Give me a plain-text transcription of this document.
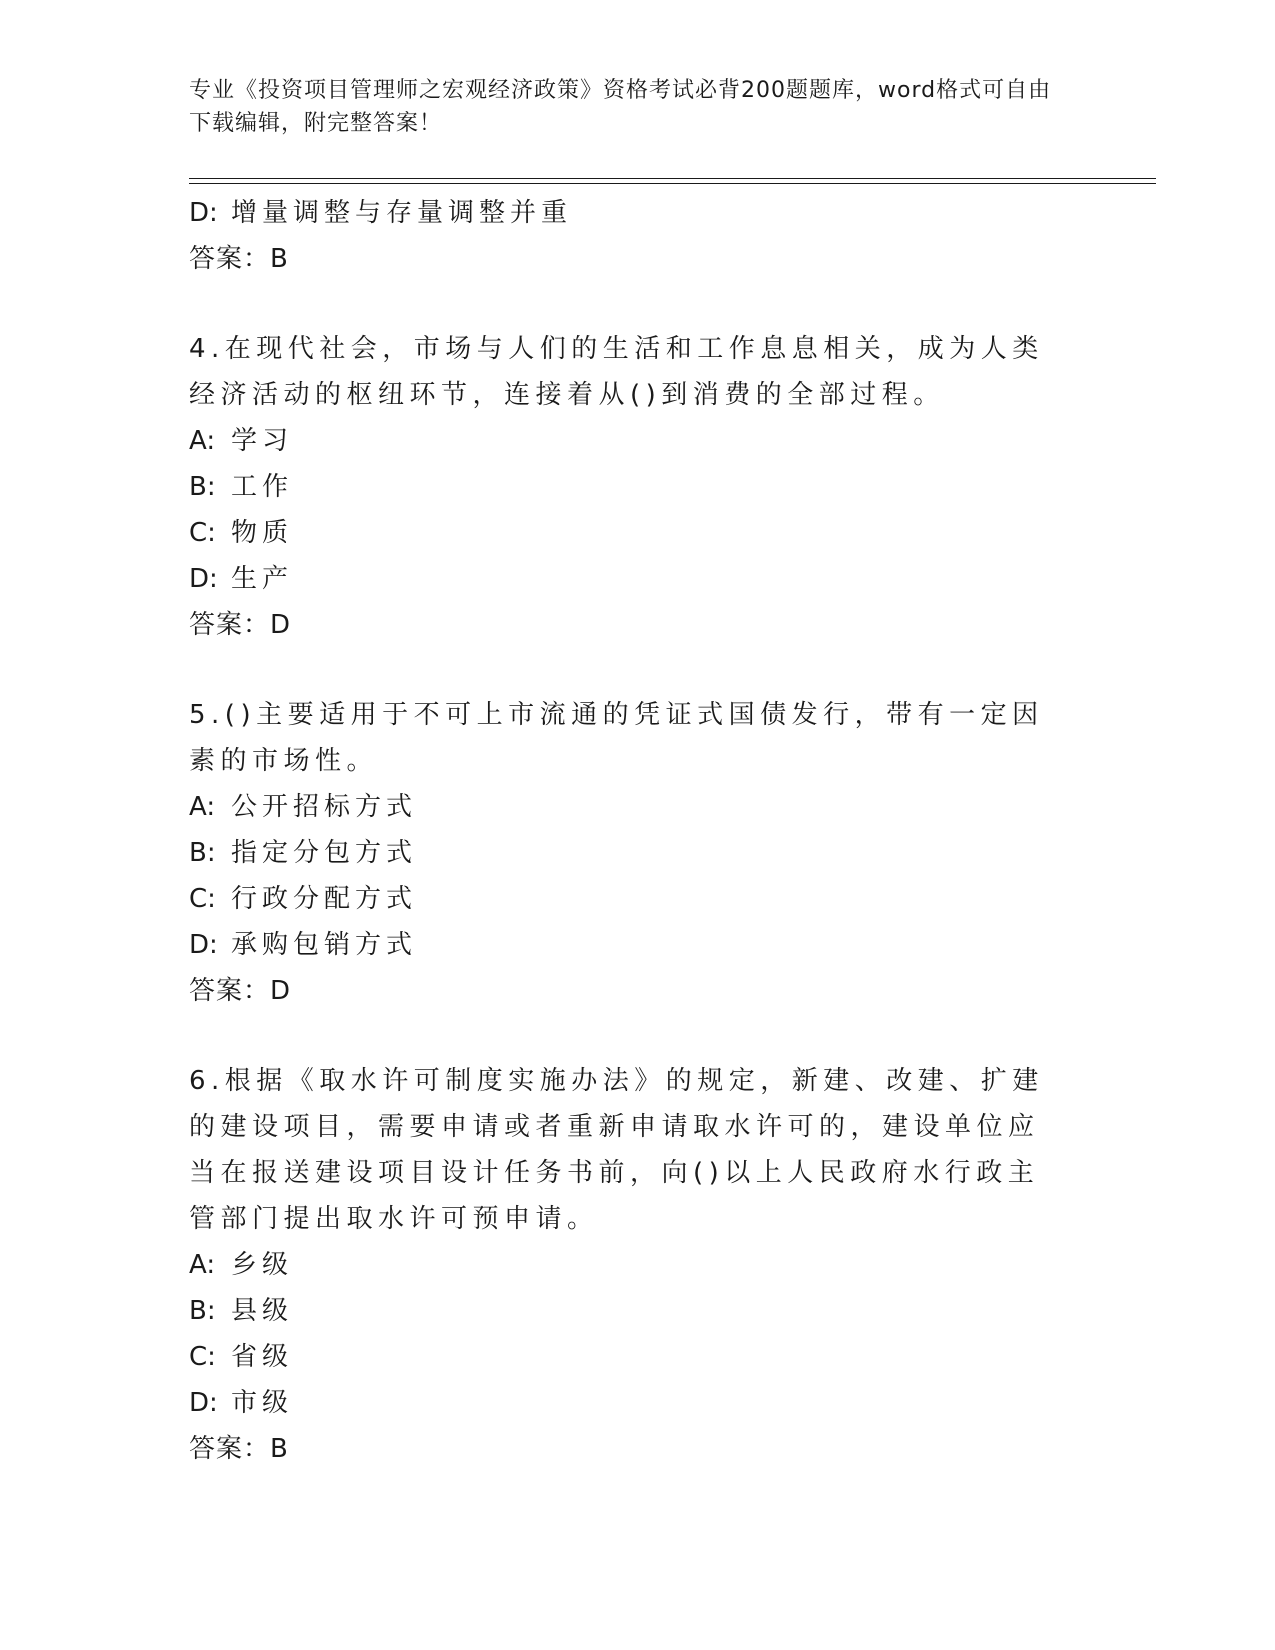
专业《投资项目管理师之宏观经济政策》资格考试必背200题题库，word格式可自由下载编辑，附完整答案！
D: 增量调整与存量调整并重
答案：B
4.在现代社会，市场与人们的生活和工作息息相关，成为人类经济活动的枢纽环节，连接着从()到消费的全部过程。
A: 学习
B: 工作
C: 物质
D: 生产
答案：D
5.()主要适用于不可上市流通的凭证式国债发行，带有一定因素的市场性。
A: 公开招标方式
B: 指定分包方式
C: 行政分配方式
D: 承购包销方式
答案：D
6.根据《取水许可制度实施办法》的规定，新建、改建、扩建的建设项目，需要申请或者重新申请取水许可的，建设单位应当在报送建设项目设计任务书前，向()以上人民政府水行政主管部门提出取水许可预申请。
A: 乡级
B: 县级
C: 省级
D: 市级
答案：B
